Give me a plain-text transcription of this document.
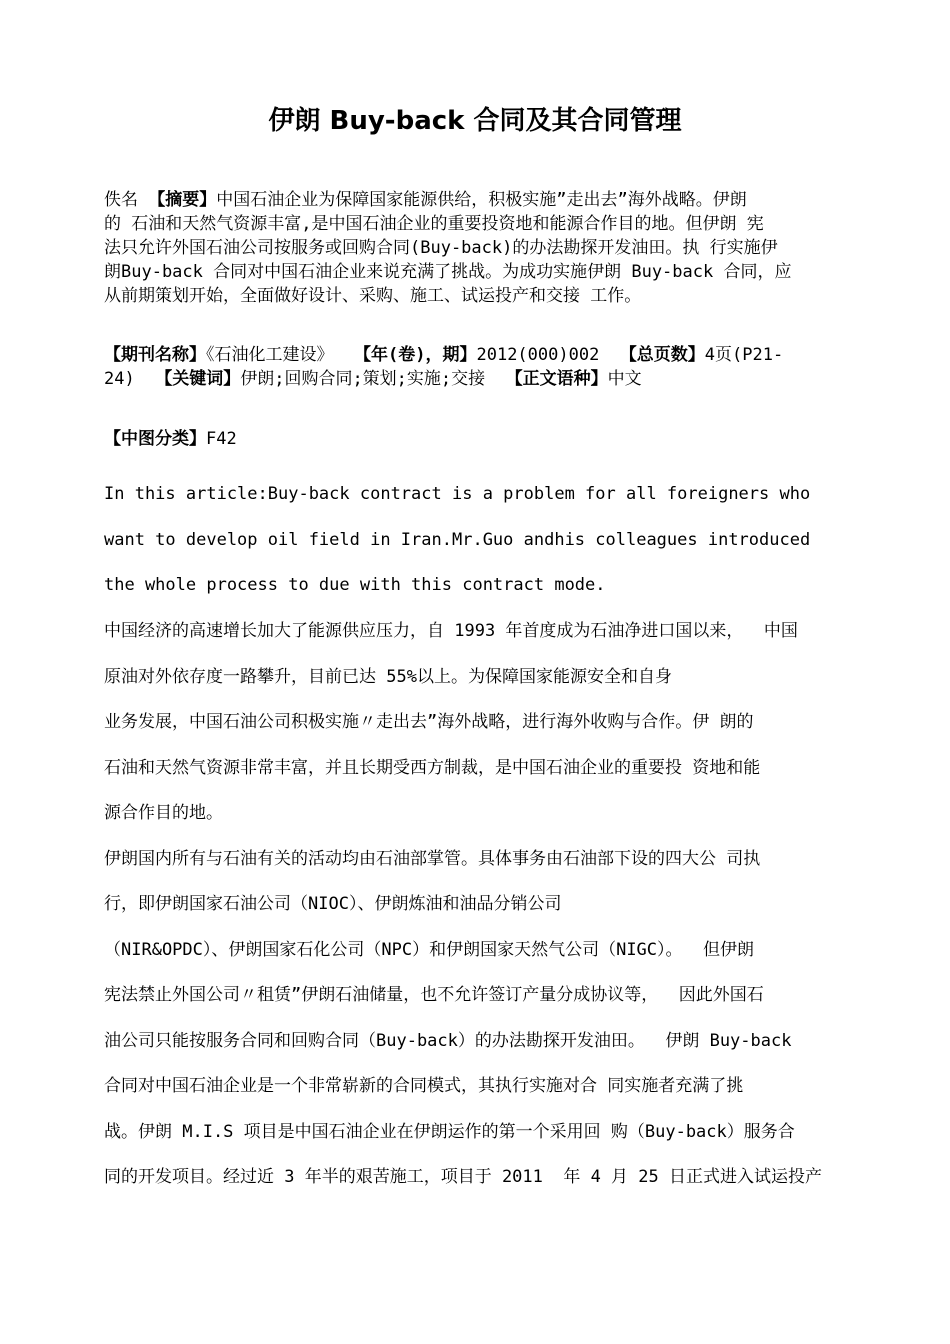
伊朗 Buy-back 合同及其合同管理
佚名 【摘要】中国石油企业为保障国家能源供给，积极实施”走出去”海外战略。伊朗
的 石油和天然气资源丰富,是中国石油企业的重要投资地和能源合作目的地。但伊朗 宪
法只允许外国石油公司按服务或回购合同(Buy-back)的办法勘探开发油田。执 行实施伊
朗Buy-back 合同对中国石油企业来说充满了挑战。为成功实施伊朗 Buy-back 合同，应
从前期策划开始，全面做好设计、采购、施工、试运投产和交接 工作。
【期刊名称】《石油化工建设》  【年(卷)，期】2012(000)002  【总页数】4页(P21-
24)  【关键词】伊朗;回购合同;策划;实施;交接  【正文语种】中文
【中图分类】F42
In this article:Buy-back contract is a problem for all foreigners who
want to develop oil field in Iran.Mr.Guo andhis colleagues introduced
the whole process to due with this contract mode.
中国经济的高速增长加大了能源供应压力，自 1993 年首度成为石油净进口国以来，  中国
原油对外依存度一路攀升，目前已达 55%以上。为保障国家能源安全和自身
业务发展，中国石油公司积极实施〃走出去”海外战略，进行海外收购与合作。伊 朗的
石油和天然气资源非常丰富，并且长期受西方制裁，是中国石油企业的重要投 资地和能
源合作目的地。
伊朗国内所有与石油有关的活动均由石油部掌管。具体事务由石油部下设的四大公 司执
行，即伊朗国家石油公司（NIOC）、伊朗炼油和油品分销公司
（NIR&OPDC）、伊朗国家石化公司（NPC）和伊朗国家天然气公司（NIGC）。  但伊朗
宪法禁止外国公司〃租赁”伊朗石油储量，也不允许签订产量分成协议等，  因此外国石
油公司只能按服务合同和回购合同（Buy-back）的办法勘探开发油田。  伊朗 Buy-back
合同对中国石油企业是一个非常崭新的合同模式，其执行实施对合 同实施者充满了挑
战。伊朗 M.I.S 项目是中国石油企业在伊朗运作的第一个采用回 购（Buy-back）服务合
同的开发项目。经过近 3 年半的艰苦施工，项目于 2011  年 4 月 25 日正式进入试运投产
